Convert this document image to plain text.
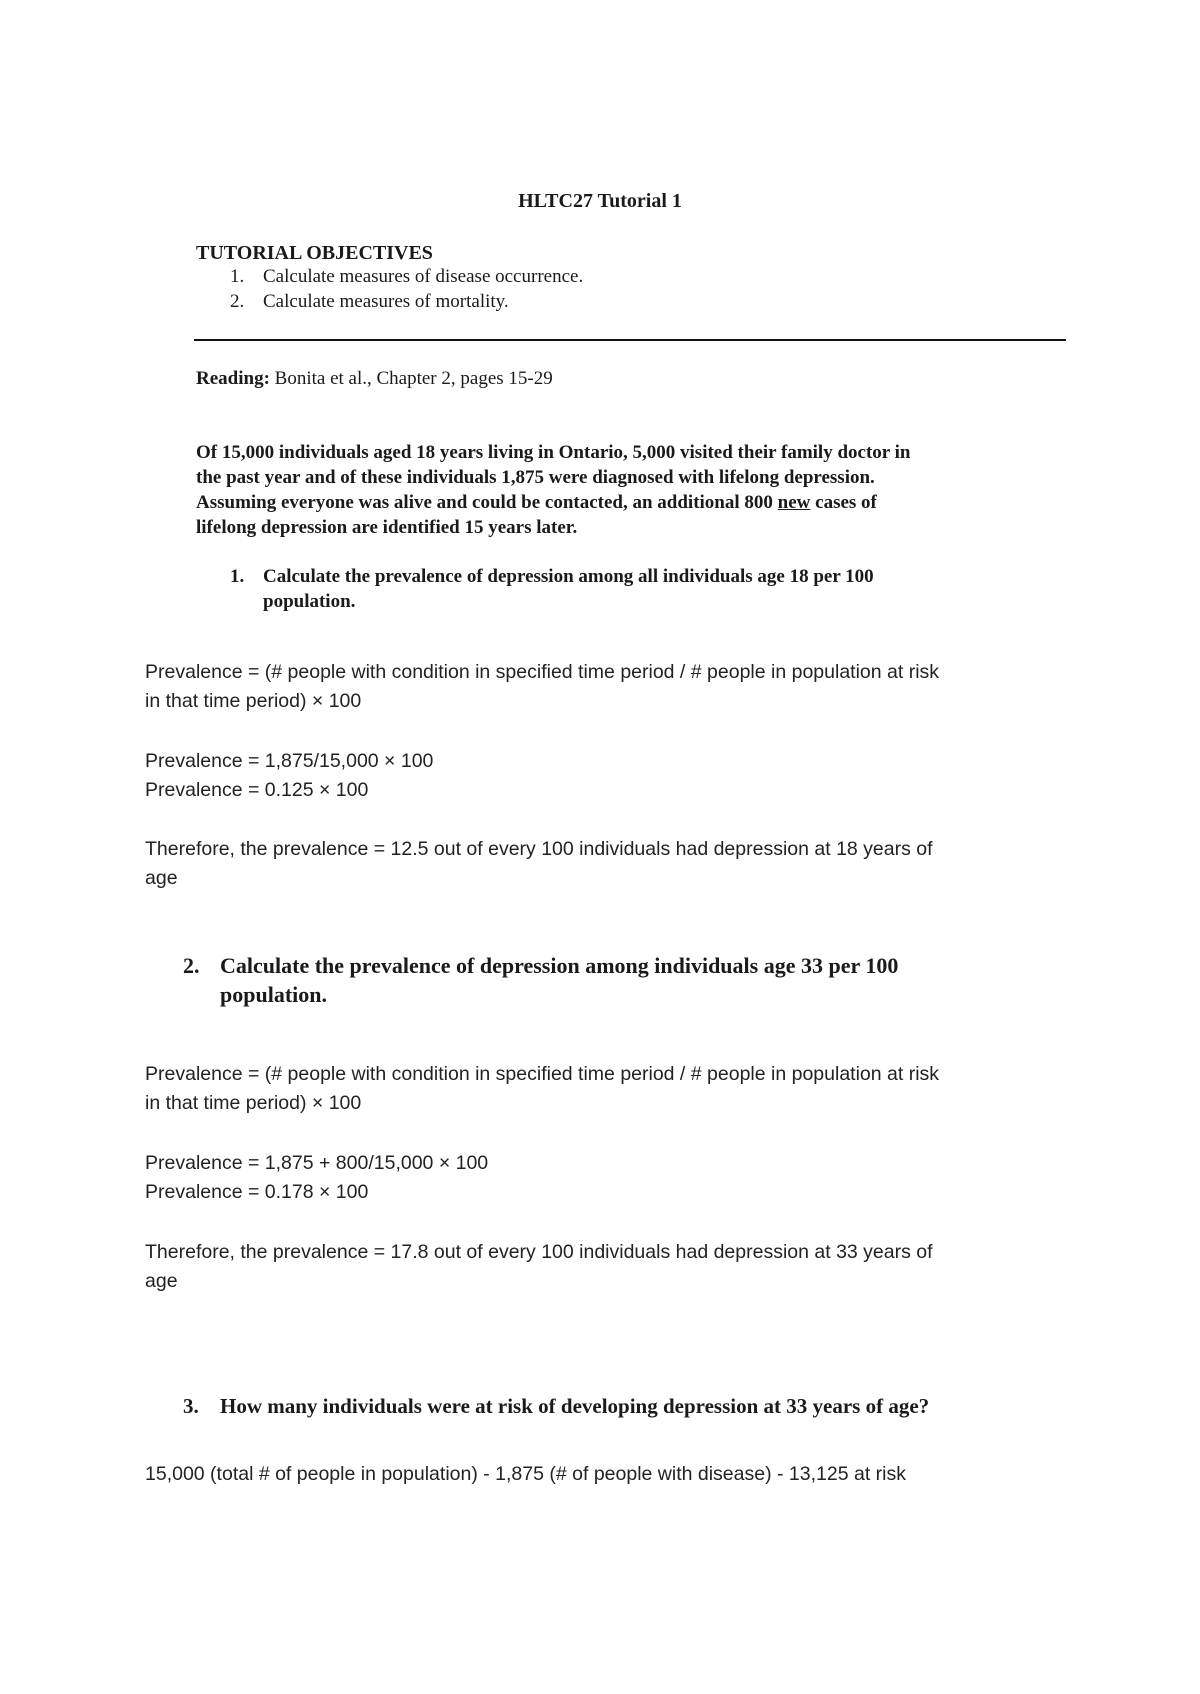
HLTC27 Tutorial 1
TUTORIAL OBJECTIVES
1. Calculate measures of disease occurrence.
2. Calculate measures of mortality.
Reading: Bonita et al., Chapter 2, pages 15-29
Of 15,000 individuals aged 18 years living in Ontario, 5,000 visited their family doctor in
the past year and of these individuals 1,875 were diagnosed with lifelong depression.
Assuming everyone was alive and could be contacted, an additional 800 new cases of
lifelong depression are identified 15 years later.
1. Calculate the prevalence of depression among all individuals age 18 per 100
population.
Prevalence = (# people with condition in specified time period / # people in population at risk
in that time period) × 100
Prevalence = 1,875/15,000 × 100
Prevalence = 0.125 × 100
Therefore, the prevalence = 12.5 out of every 100 individuals had depression at 18 years of
age
2. Calculate the prevalence of depression among individuals age 33 per 100
population.
Prevalence = (# people with condition in specified time period / # people in population at risk
in that time period) × 100
Prevalence = 1,875 + 800/15,000 × 100
Prevalence = 0.178 × 100
Therefore, the prevalence = 17.8 out of every 100 individuals had depression at 33 years of
age
3. How many individuals were at risk of developing depression at 33 years of age?
15,000 (total # of people in population) - 1,875 (# of people with disease) - 13,125 at risk
